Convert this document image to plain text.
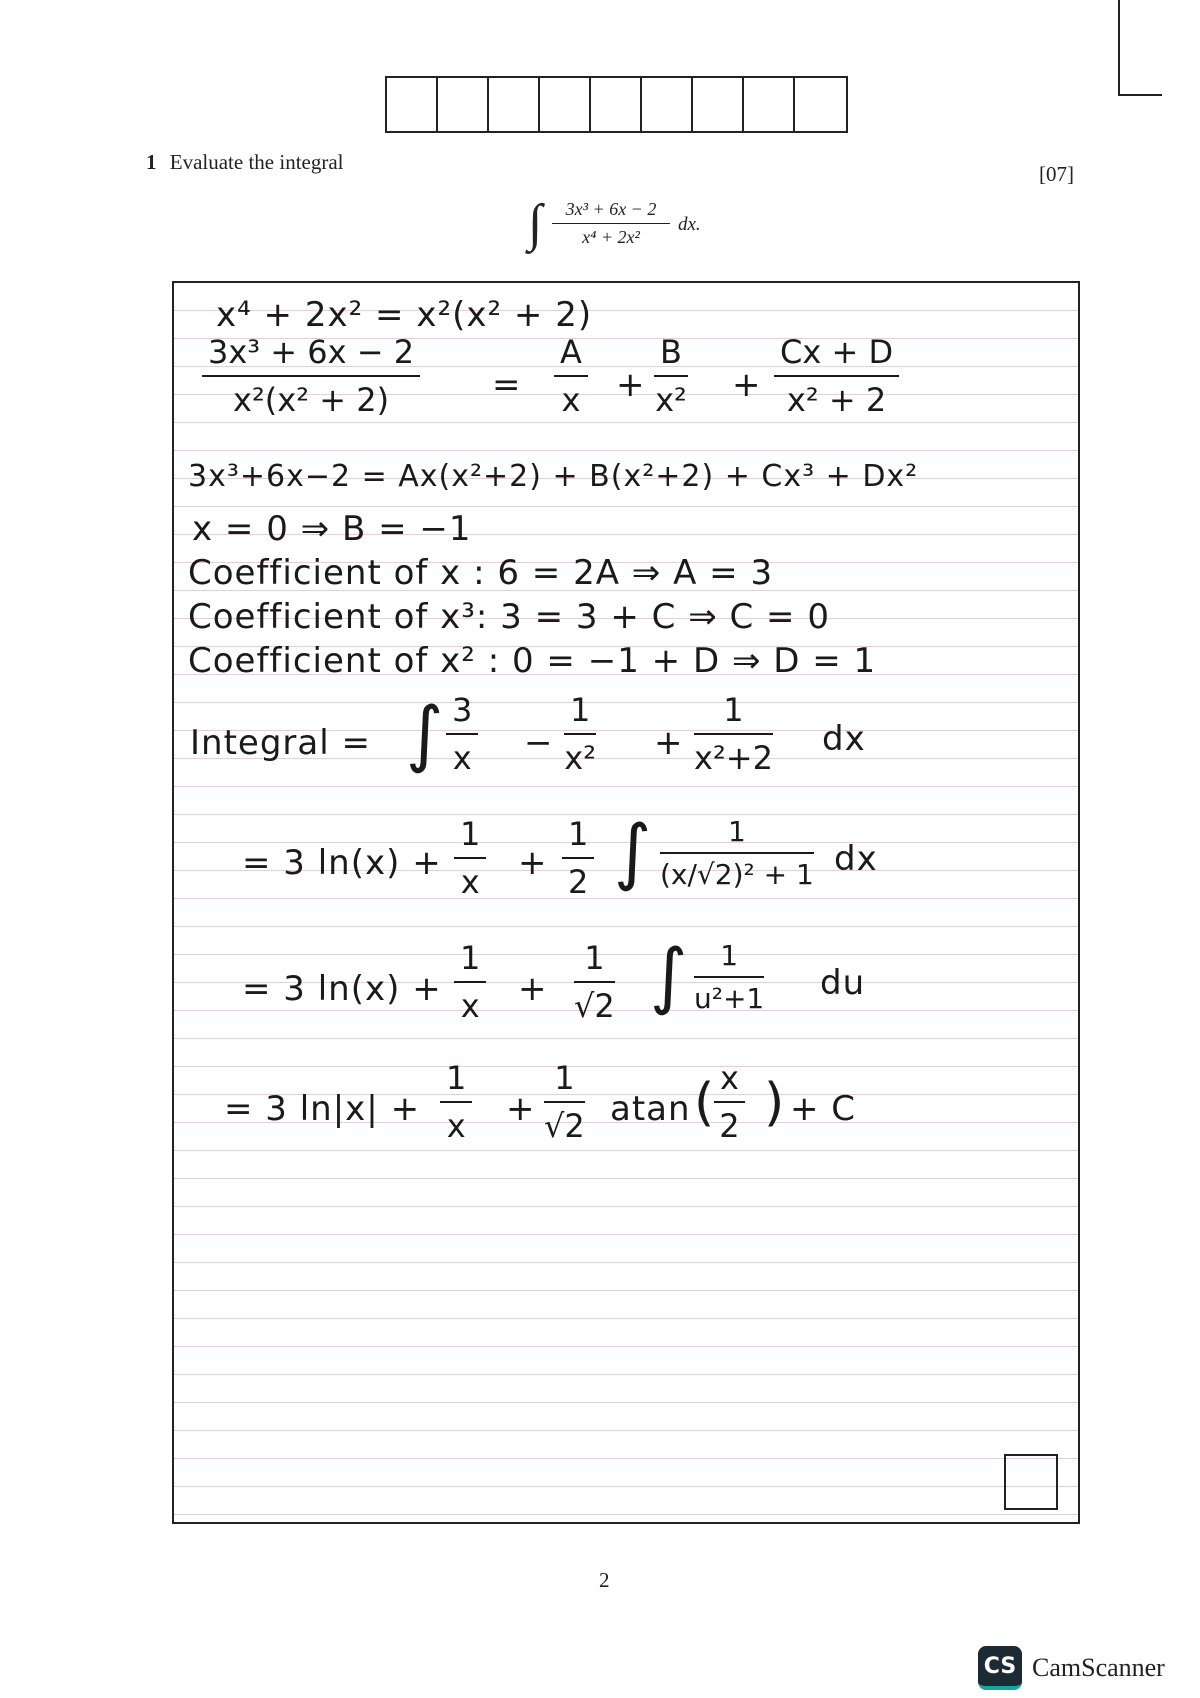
1 Evaluate the integral	[07]
∫ $\frac{\text{3x³ + 6x − 2}}{\text{x⁴ + 2x²}}$ dx.
x⁴ + 2x² = x²(x² + 2)
$\frac{\text{3x³ + 6x − 2}}{\text{x²(x² + 2)}} = \frac{A}{x} + \frac{B}{\text{x²}} + \frac{Cx + D}{\text{x² + 2}}$
3x³+6x−2 = Ax(x²+2) + B(x²+2) + Cx³ + Dx²
x = 0 ⇒ B = −1
Coefficient of x : 6 = 2A ⇒ A = 3
Coefficient of x³: 3 = 3 + C ⇒ C = 0
Coefficient of x² : 0 = −1 + D ⇒ D = 1
Integral = ∫ $\frac{3}{x} - \frac{1}{\text{x²}} + \frac{1}{\text{x²+2}}$ dx
= 3 $\ln(x) + \frac{1}{x} + \frac{1}{2}$ ∫ $\frac{1}{\text{(x/√2)² + 1}}$ dx
= 3 $\ln(x) + \frac{1}{x} + \frac{1}{√2}$ ∫ $\frac{1}{\text{u²+1}}$ du
= 3 $\ln|x| + \frac{1}{x} + \frac{1}{√2}$ atan (
$\frac{x}{2}$ ) + C
2
CS CamScanner
